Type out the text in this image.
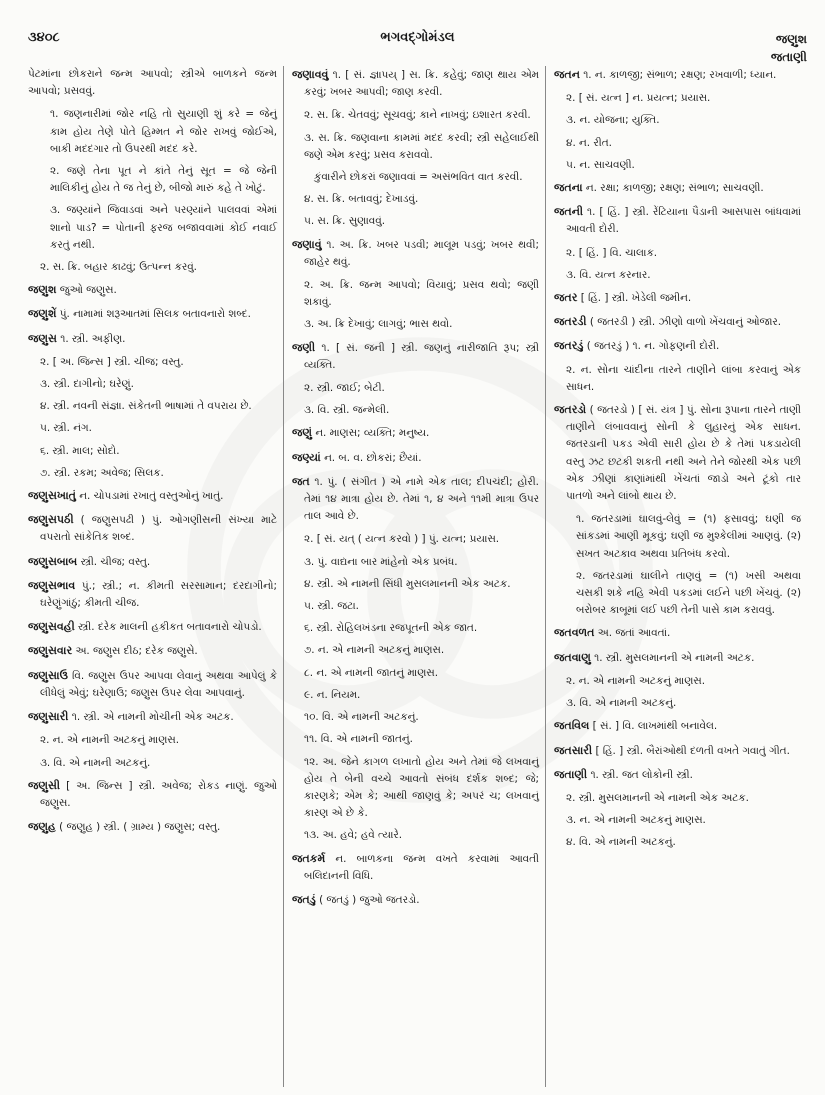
૩૪૦૮	ભગવદ્ગોમંડલ	જણુશ
જતાણી
પેટમાંના છોકરાને જન્મ આપવો; સ્ત્રીએ બાળકને જન્મ આપવો; પ્રસવવું.
૧. જણનારીમાં જોર નહિ તો સુયાણી શું કરે = જેનું કામ હોય તેણે પોતે હિમ્મત ને જોર રાખવું જોઈએ, બાકી મદદગાર તો ઉપરથી મદદ કરે.
૨. જણે તેના પૂત ને કાંતે તેનું સૂત = જે જેની માલિકીનું હોય તે જ તેનું છે, બીજો મારું કહે તે ખોટું.
૩. જણ્યાંને જિવાડવાં અને પરણ્યાંને પાલવવાં એમાં શાનો પાડ? = પોતાની ફરજ બજાવવામાં કોઈ નવાઈ કરતું નથી.
૨. સ. ક્રિ. બહાર કાઢવું; ઉત્પન્ન કરવું.
જણુશ જુઓ જણુસ.
જણુશેં પું. નામામાં શરૂઆતમાં સિલક બતાવનારો શબ્દ.
જણુસ ૧. સ્ત્રી. અફીણ.
૨. [ અ. જિન્સ ] સ્ત્રી. ચીજ; વસ્તુ.
૩. સ્ત્રી. દાગીનો; ઘરેણું.
૪. સ્ત્રી. નવની સંજ્ઞા. સંકેતની ભાષામાં તે વપરાય છે.
૫. સ્ત્રી. નંગ.
૬. સ્ત્રી. માલ; સોદો.
૭. સ્ત્રી. રકમ; અવેજ; સિલક.
જણુસખાતું ન. ચોપડામાં રખાતું વસ્તુઓનું ખાતું.
જણુસપઠી ( જણુસપઢી ) પું. ઓગણીસની સંખ્યા માટે વપરાતો સાંકેતિક શબ્દ.
જણુસબાબ સ્ત્રી. ચીજ; વસ્તુ.
જણુસભાવ પું.; સ્ત્રી.; ન. કીમતી સરસામાન; દરદાગીનો; ઘરેણુંગાંઠું; કીમતી ચીજ.
જણુસવહી સ્ત્રી. દરેક માલની હકીકત બતાવનારો ચોપડો.
જણુસવાર અ. જણુસ દીઠ; દરેક જણુસે.
જણુસાઉ વિ. જણુસ ઉપર આપવા લેવાનું અથવા આપેલું કે લીધેલું એવું; ઘરેણાઉ; જણુસ ઉપર લેવા આપવાનું.
જણુસારી ૧. સ્ત્રી. એ નામની મોચીની એક અટક.
૨. ન. એ નામની અટકનું માણસ.
૩. વિ. એ નામની અટકનું.
જણુસી [ અ. જિન્સ ] સ્ત્રી. અવેજ; રોકડ નાણું. જુઓ જણુસ.
જણુહ ( જણુહ ) સ્ત્રી. ( ગ્રામ્ય ) જણુસ; વસ્તુ.
જણાવવું ૧. [ સં. જ્ઞાપય્ ] સ. ક્રિ. કહેવું; જાણ થાય એમ કરવું; ખબર આપવી; જાણ કરવી.
૨. સ. ક્રિ. ચેતવવું; સૂચવવું; કાને નાખવું; ઇશારત કરવી.
૩. સ. ક્રિ. જણવાના કામમાં મદદ કરવી; સ્ત્રી સહેલાઈથી જણે એમ કરવું; પ્રસવ કરાવવો.
કુંવારીને છોકરાં જણાવવાં = અસંભવિત વાત કરવી.
૪. સ. ક્રિ. બતાવવું; દેખાડવું.
૫. સ. ક્રિ. સુણાવવું.
જણાવું ૧. અ. ક્રિ. ખબર પડવી; માલૂમ પડવું; ખબર થવી; જાહેર થવું.
૨. અ. ક્રિ. જન્મ આપવો; વિયાવું; પ્રસવ થવો; જણી શકાવું.
૩. અ. ક્રિ દેખાવું; લાગવું; ભાસ થવો.
જણી ૧. [ સં. જની ] સ્ત્રી. જણનું નારીજાતિ રૂપ; સ્ત્રી વ્યક્તિ.
૨. સ્ત્રી. જાઈ; બેટી.
૩. વિ. સ્ત્રી. જન્મેલી.
જણું ન. માણસ; વ્યક્તિ; મનુષ્ય.
જણ્યાં ન. બ. વ. છોકરાં; છૈયાં.
જત ૧. પું. ( સંગીત ) એ નામે એક તાલ; દીપચંદી; હોરી. તેમાં ૧૪ માત્રા હોય છે. તેમાં ૧, ૪ અને ૧૧મી માત્રા ઉપર તાલ આવે છે.
૨. [ સં. યત્ ( યત્ન કરવો ) ] પું. યત્ન; પ્રયાસ.
૩. પું. વાદ્યના બાર માંહેનો એક પ્રબંધ.
૪. સ્ત્રી. એ નામની સિંધી મુસલમાનની એક અટક.
૫. સ્ત્રી. જટા.
૬. સ્ત્રી. રોહિલખંડના રજપૂતની એક જાત.
૭. ન. એ નામની અટકનું માણસ.
૮. ન. એ નામની જાતનું માણસ.
૯. ન. નિયમ.
૧૦. વિ. એ નામની અટકનું.
૧૧. વિ. એ નામની જાતનું.
૧૨. અ. જેને કાગળ લખાતો હોય અને તેમાં જે લખવાનું હોય તે બેની વચ્ચે આવતો સંબંધ દર્શક શબ્દ; જે; કારણકે; એમ કે; આથી જાણવું કે; અપરં ચ; લખવાનું કારણ એ છે કે.
૧૩. અ. હવે; હવે ત્યારે.
જતકર્મ ન. બાળકના જન્મ વખતે કરવામાં આવતી બલિદાનની વિધિ.
જતડું ( જતડું ) જુઓ જતરડો.
જતન ૧. ન. કાળજી; સંભાળ; રક્ષણ; રખવાળી; ધ્યાન.
૨. [ સં. યત્ન ] ન. પ્રયત્ન; પ્રયાસ.
૩. ન. યોજના; યુક્તિ.
૪. ન. રીત.
૫. ન. સાચવણી.
જતના ન. રક્ષા; કાળજી; રક્ષણ; સંભાળ; સાચવણી.
જતની ૧. [ હિં. ] સ્ત્રી. રેંટિયાના પૈડાની આસપાસ બાંધવામાં આવતી દોરી.
૨. [ હિં. ] વિ. ચાલાક.
૩. વિ. યત્ન કરનાર.
જતર [ હિં. ] સ્ત્રી. ખેડેલી જમીન.
જતરડી ( જતરડી ) સ્ત્રી. ઝીણો વાળો ખેંચવાનું ઓજાર.
જતરડું ( જતરડું ) ૧. ન. ગોફણની દોરી.
૨. ન. સોના ચાંદીના તારને તાણીને લાંબા કરવાનું એક સાધન.
જતરડો ( જતરડો ) [ સં. યંત્ર ] પું. સોના રૂપાના તારને તાણી તાણીને લંબાવવાનું સોની કે લુહારનું એક સાધન. જતરડાની પકડ એવી સારી હોય છે કે તેમાં પકડાયેલી વસ્તુ ઝટ છટકી શકતી નથી અને તેને જોરથી એક પછી એક ઝીણાં કાણાંમાંથી ખેંચતાં જાડો અને ટૂંકો તાર પાતળો અને લાંબો થાય છે.
૧. જતરડામાં ઘાલવું-લેવું = (૧) ફસાવવું; ઘણી જ સાંકડમાં આણી મૂકવું; ઘણી જ મુશ્કેલીમાં આણવું. (૨) સખત અટકાવ અથવા પ્રતિબંધ કરવો.
૨. જતરડામાં ઘાલીને તાણવું = (૧) ખસી અથવા ચસકી શકે નહિ એવી પકડમાં લઈને પછી ખેંચવું. (૨) બરોબર કાબૂમાં લઈ પછી તેની પાસે કામ કરાવવું.
જતવળત અ. જતાં આવતાં.
જતવાણુ ૧. સ્ત્રી. મુસલમાનની એ નામની અટક.
૨. ન. એ નામની અટકનું માણસ.
૩. વિ. એ નામની અટકનું.
જતવિલ [ સં. ] વિ. લાખમાંથી બનાવેલ.
જતસારી [ હિં. ] સ્ત્રી. બૈરાંઓથી દળતી વખતે ગવાતું ગીત.
જતાણી ૧. સ્ત્રી. જત લોકોની સ્ત્રી.
૨. સ્ત્રી. મુસલમાનની એ નામની એક અટક.
૩. ન. એ નામની અટકનું માણસ.
૪. વિ. એ નામની અટકનું.
